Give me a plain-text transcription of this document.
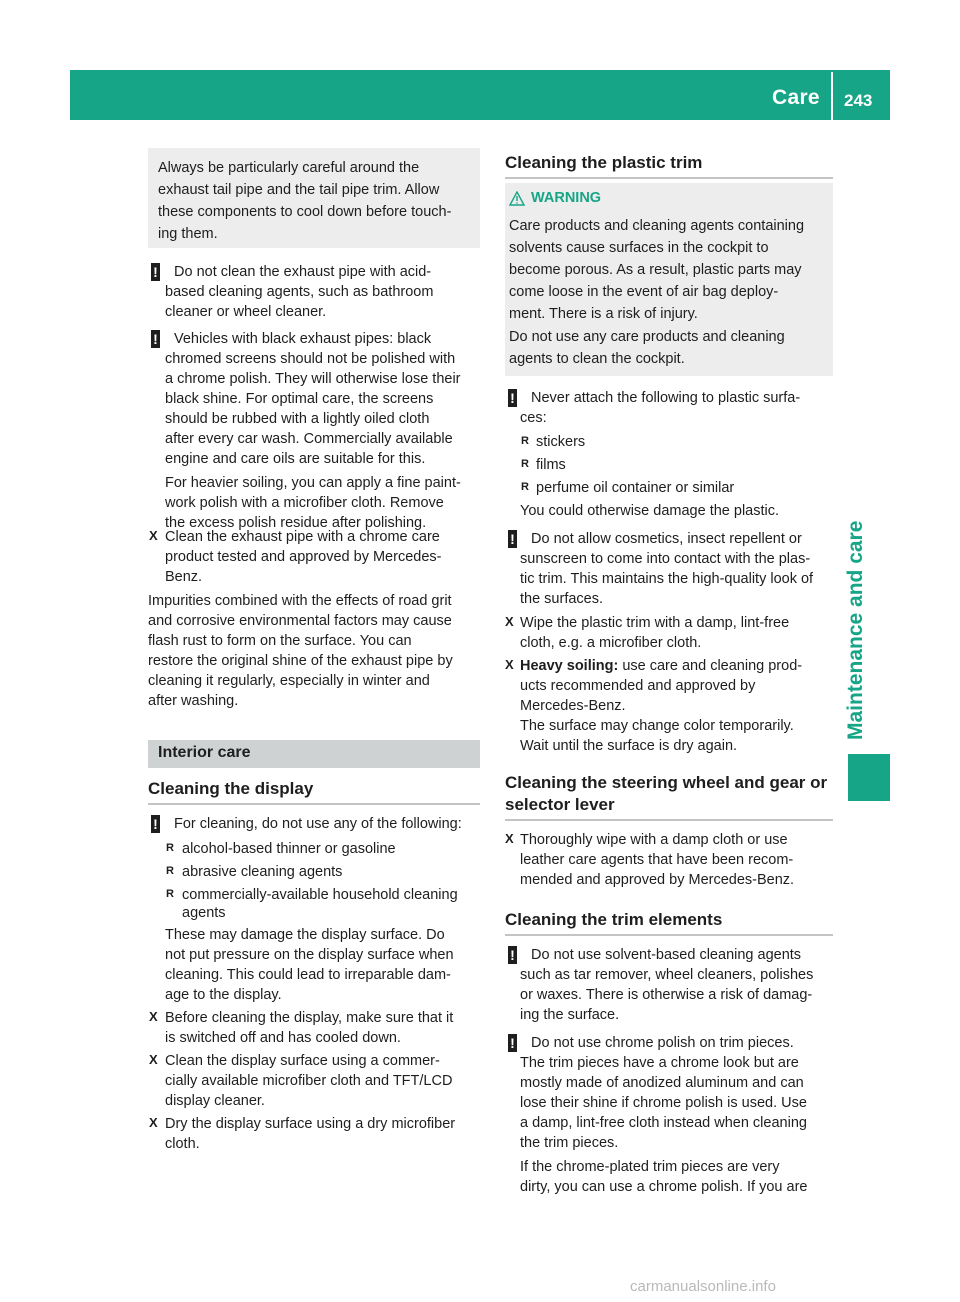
Care 243
Maintenance and care
Always be particularly careful around the
exhaust tail pipe and the tail pipe trim. Allow
these components to cool down before touch-
ing them.
! Do not clean the exhaust pipe with acid-
based cleaning agents, such as bathroom
cleaner or wheel cleaner.
! Vehicles with black exhaust pipes: black
chromed screens should not be polished with
a chrome polish. They will otherwise lose their
black shine. For optimal care, the screens
should be rubbed with a lightly oiled cloth
after every car wash. Commercially available
engine and care oils are suitable for this.
For heavier soiling, you can apply a fine paint-
work polish with a microfiber cloth. Remove
the excess polish residue after polishing.
X Clean the exhaust pipe with a chrome care
product tested and approved by Mercedes-
Benz.
Impurities combined with the effects of road grit
and corrosive environmental factors may cause
flash rust to form on the surface. You can
restore the original shine of the exhaust pipe by
cleaning it regularly, especially in winter and
after washing.
Interior care
Cleaning the display
! For cleaning, do not use any of the following:
R alcohol-based thinner or gasoline
R abrasive cleaning agents
R commercially-available household cleaning
agents
These may damage the display surface. Do
not put pressure on the display surface when
cleaning. This could lead to irreparable dam-
age to the display.
X Before cleaning the display, make sure that it
is switched off and has cooled down.
X Clean the display surface using a commer-
cially available microfiber cloth and TFT/LCD
display cleaner.
X Dry the display surface using a dry microfiber
cloth.
Cleaning the plastic trim
WARNING
Care products and cleaning agents containing
solvents cause surfaces in the cockpit to
become porous. As a result, plastic parts may
come loose in the event of air bag deploy-
ment. There is a risk of injury.
Do not use any care products and cleaning
agents to clean the cockpit.
! Never attach the following to plastic surfa-
ces:
R stickers
R films
R perfume oil container or similar
You could otherwise damage the plastic.
! Do not allow cosmetics, insect repellent or
sunscreen to come into contact with the plas-
tic trim. This maintains the high-quality look of
the surfaces.
X Wipe the plastic trim with a damp, lint-free
cloth, e.g. a microfiber cloth.
X Heavy soiling: use care and cleaning prod-
ucts recommended and approved by
Mercedes-Benz.
The surface may change color temporarily.
Wait until the surface is dry again.
Cleaning the steering wheel and gear or
selector lever
X Thoroughly wipe with a damp cloth or use
leather care agents that have been recom-
mended and approved by Mercedes-Benz.
Cleaning the trim elements
! Do not use solvent-based cleaning agents
such as tar remover, wheel cleaners, polishes
or waxes. There is otherwise a risk of damag-
ing the surface.
! Do not use chrome polish on trim pieces.
The trim pieces have a chrome look but are
mostly made of anodized aluminum and can
lose their shine if chrome polish is used. Use
a damp, lint-free cloth instead when cleaning
the trim pieces.
If the chrome-plated trim pieces are very
dirty, you can use a chrome polish. If you are
carmanualsonline.info
